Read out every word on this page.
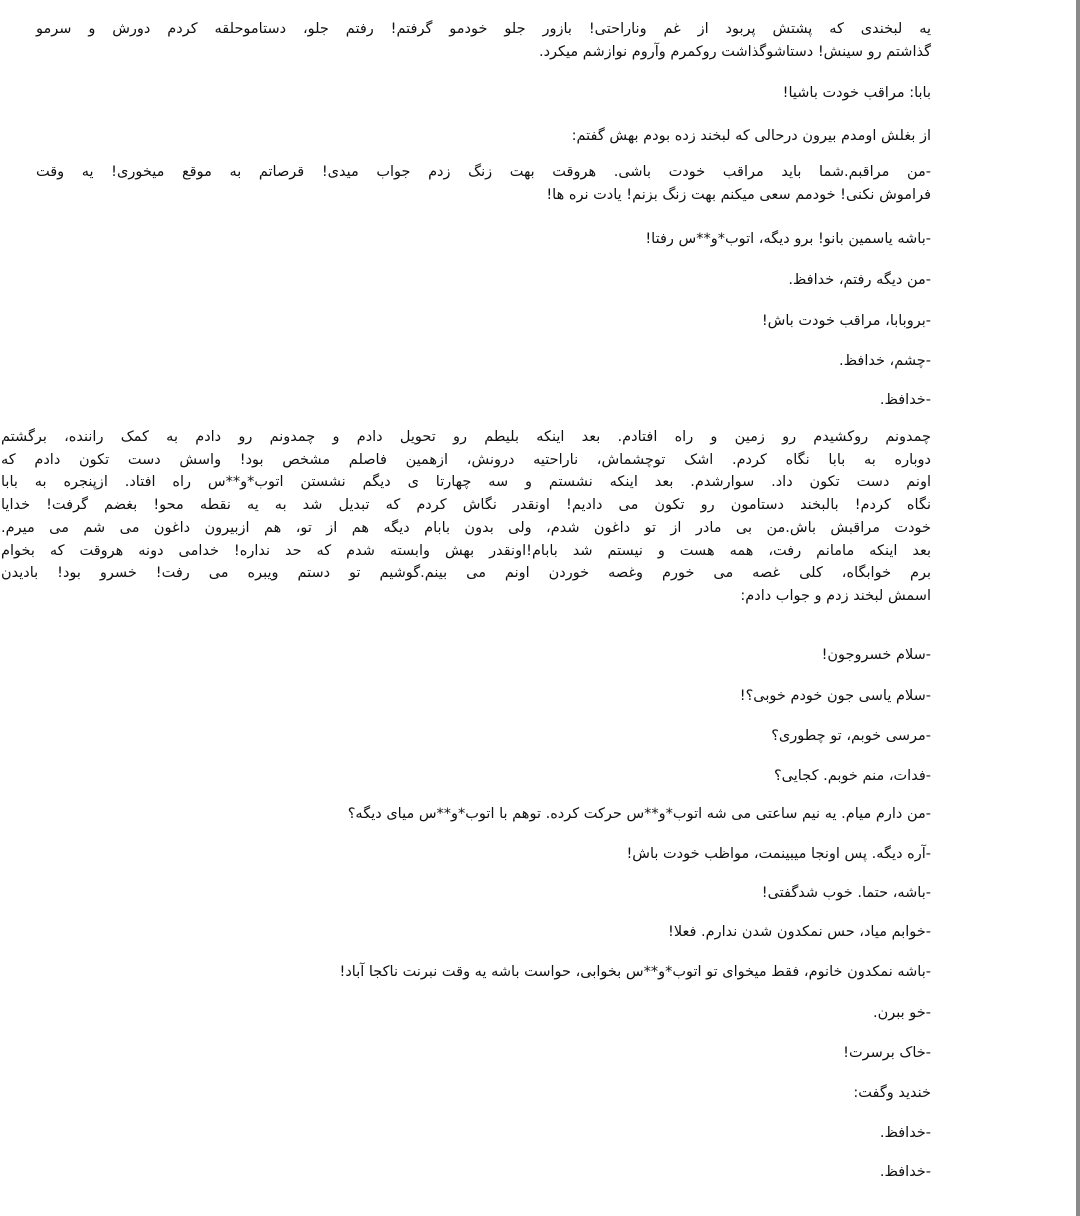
یه لبخندی که پشتش پربود از غم وناراحتی! بازور جلو خودمو گرفتم! رفتم جلو، دستاموحلقه کردم دورش و سرمو
گذاشتم رو سینش! دستاشوگذاشت روکمرم وآروم نوازشم میکرد.
بابا: مراقب خودت باشیا!
از بغلش اومدم بیرون درحالی که لبخند زده بودم بهش گفتم:
-من مراقبم.شما باید مراقب خودت باشی. هروقت بهت زنگ زدم جواب میدی! قرصاتم به موقع میخوری! یه وقت
فراموش نکنی! خودمم سعی میکنم بهت زنگ بزنم! یادت نره ها!
-باشه یاسمین بانو! برو دیگه، اتوب*و**س رفتا!
-من دیگه رفتم، خدافظ.
-بروبابا، مراقب خودت باش!
-چشم، خدافظ.
-خدافظ.
چمدونم روکشیدم رو زمین و راه افتادم. بعد اینکه بلیطم رو تحویل دادم و چمدونم رو دادم به کمک راننده، برگشتم
دوباره به بابا نگاه کردم. اشک توچشماش، ناراحتیه درونش، ازهمین فاصلم مشخص بود! واسش دست تکون دادم که
اونم دست تکون داد. سوارشدم. بعد اینکه نشستم و سه چهارتا ی دیگم نشستن اتوب*و**س راه افتاد. ازپنجره به بابا
نگاه کردم! بالبخند دستامون رو تکون می دادیم! اونقدر نگاش کردم که تبدیل شد به یه نقطه محو! بغضم گرفت! خدایا
خودت مراقبش باش.من بی مادر از تو داغون شدم، ولی بدون بابام دیگه هم از تو، هم ازبیرون داغون می شم می میرم.
بعد اینکه مامانم رفت، همه هست و نیستم شد بابام!اونقدر بهش وابسته شدم که حد نداره! خدامی دونه هروقت که بخوام
برم خوابگاه، کلی غصه می خورم وغصه خوردن اونم می بینم.گوشیم تو دستم ویبره می رفت! خسرو بود! بادیدن
اسمش لبخند زدم و جواب دادم:
-سلام خسروجون!
-سلام یاسی جون خودم خوبی؟!
-مرسی خوبم، تو چطوری؟
-فدات، منم خوبم. کجایی؟
-من دارم میام. یه نیم ساعتی می شه اتوب*و**س حرکت کرده. توهم با اتوب*و**س میای دیگه؟
-آره دیگه. پس اونجا میبینمت، مواظب خودت باش!
-باشه، حتما. خوب شدگفتی!
-خوابم میاد، حس نمکدون شدن ندارم. فعلا!
-باشه نمکدون خانوم، فقط میخوای تو اتوب*و**س بخوابی، حواست باشه یه وقت نبرنت ناکجا آباد!
-خو ببرن.
-خاک برسرت!
خندید وگفت:
-خدافظ.
-خدافظ.
